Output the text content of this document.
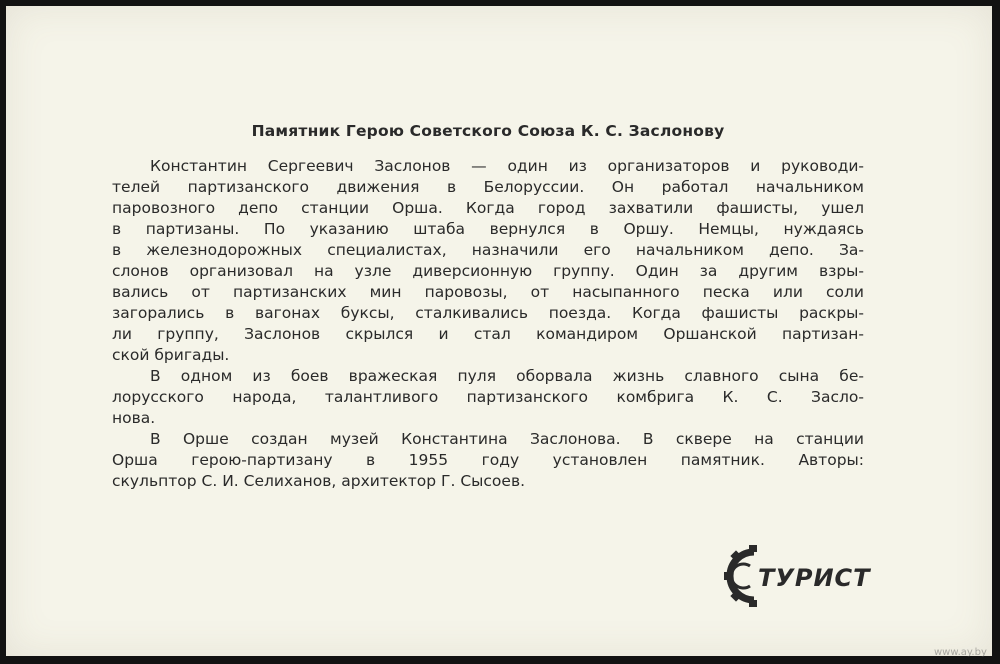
Памятник Герою Советского Союза К. С. Заслонову
Константин Сергеевич Заслонов — один из организаторов и руководи-
телей партизанского движения в Белоруссии. Он работал начальником
паровозного депо станции Орша. Когда город захватили фашисты, ушел
в партизаны. По указанию штаба вернулся в Оршу. Немцы, нуждаясь
в железнодорожных специалистах, назначили его начальником депо. За-
слонов организовал на узле диверсионную группу. Один за другим взры-
вались от партизанских мин паровозы, от насыпанного песка или соли
загорались в вагонах буксы, сталкивались поезда. Когда фашисты раскры-
ли группу, Заслонов скрылся и стал командиром Оршанской партизан-
ской бригады.
В одном из боев вражеская пуля оборвала жизнь славного сына бе-
лорусского народа, талантливого партизанского комбрига К. С. Засло-
нова.
В Орше создан музей Константина Заслонова. В сквере на станции
Орша герою-партизану в 1955 году установлен памятник. Авторы:
скульптор С. И. Селиханов, архитектор Г. Сысоев.
ТУРИСТ
www.ay.by
